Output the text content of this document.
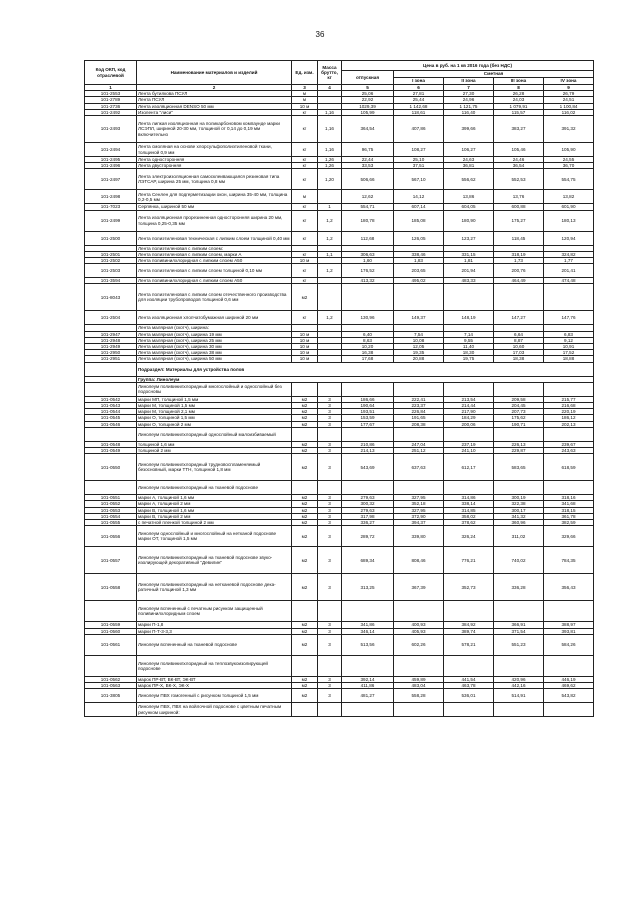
36
Код ОКП, код отраслевой	Наименование материалов и изделий	Ед. изм.	Масса брутто, кг	Цена в руб. на 1 кв 2016 года (без НДС)				
				отпускная	Сметная			
					I зона	II зона	III зона	IV зона
1	2	3	4	5	6	7	8	9
101-2553	Лента бутилкова ПСУЛ	м		25,06	27,81	27,30	26,28	26,79
101-2789	Лента ПСУЛ	м		22,92	25,44	24,96	24,03	24,51
101-2736	Лента изоляционная DENSO 50 мм	10 м		1029,39	1 142,68	1 121,75	1 079,91	1 100,84
101-2492	Изолента "лиси"	кг	1,16	105,99	118,61	116,40	115,57	116,02
101-2493	Лента липкая изоляционная на поликарбоновом компаунде марки ЛСЭПЛ, шириной 20-30 мм, толщиной от 0,14 до 0,19 мм включительно	кг	1,16	364,54	407,86	399,66	383,27	391,32
101-2494	Лента смоляная на основе хлорсульфополиэтиленовой ткани, толщиной 0,9 мм	кг	1,16	96,75	108,27	106,27	105,46	105,90
101-2495	Лента односторонняя	кг	1,26	22,44	25,10	24,63	24,46	24,55
101-2496	Лента двусторонняя	кг	1,26	33,53	37,51	36,81	36,54	36,70
101-2497	Лента электроизоляционная самосклеивающаяся резиновая типа ЛЭТСАР, ширина 25 мм, толщина 0,8 мм	кг	1,20	506,66	567,10	556,62	552,53	554,75
101-2498	Лента Сенлен для подгерметизации окон, ширина 35-40 мм, толщина 0,2-0,5 мм	м		12,62	14,12	13,86	13,76	13,82
101-7023	Серпянка, шириной 50 мм	кг	1	554,71	607,14	604,05	600,88	601,90
101-2499	Лента изоляционная прорезиненная односторонняя ширина 20 мм, толщина 0,25-0,35 мм	кг	1,2	180,78	185,08	180,90	175,27	180,13
101-2500	Лента полиэтиленовая техническая с липким слоем толщиной 0,40 мм	кг	1,2	112,68	126,05	123,27	118,45	120,94
	Лента полиэтиленовая с липким слоем:							
101-2501	Лента полиэтиленовая с липким слоем, марки А	кг	1,1	306,63	338,46	331,15	318,19	324,82
101-2502	Лента поливинилхлоридная с липким слоем А50	10 м		1,60	1,83	1,81	1,73	1,77
101-2503	Лента полиэтиленовая с липким слоем толщиной 0,10 мм	кг	1,2	176,52	203,65	201,94	200,76	201,41
101-3594	Лента поливинилхлоридная с липким слоем А50	кг		413,32	495,02	483,33	464,49	474,48
101-8043	Лента полиэтиленовая с липким слоем отечественного производства для изоляции трубопроводов толщиной 0,6 мм	м2						
101-2504	Лента изоляционная хлопчатобумажная шириной 20 мм	кг	1,2	130,96	149,37	148,19	147,27	147,76
	Лента малярная (скотч), ширина:							
101-2947	Лента малярная (скотч), ширина 19 мм	10 м		6,40	7,54	7,14	6,64	6,83
101-2948	Лента малярная (скотч), ширина 25 мм	10 м		8,63	10,08	9,55	8,87	9,12
101-2949	Лента малярная (скотч), ширина 30 мм	10 м		10,20	12,05	11,40	10,60	10,91
101-2950	Лента малярная (скотч), ширина 38 мм	10 м		16,38	19,35	18,30	17,03	17,52
101-2951	Лента малярная (скотч), ширина 50 мм	10 м		17,68	20,88	19,75	18,38	18,88
	Подраздел: Материалы для устройства полов							
	Группа: Линолеум							
	Линолеум поливинилхлоридный многослойный и однослойный без подосновы							
101-0542	марки МП, толщиной 1,5 мм	м2	3	186,66	222,41	213,54	209,58	215,77
101-0543	марки М, толщиной 1,5 мм	м2	3	190,64	223,37	214,44	204,45	216,68
101-0544	марки М, толщиной 2,1 мм	м2	3	193,51	226,84	217,90	207,73	220,19
101-0545	марки О, толщиной 1,5 мм	м2	3	153,59	191,65	184,29	175,62	186,12
101-0546	марки О, толщиной 2 мм	м2	3	177,67	208,38	200,06	190,71	202,13
	Линолеум поливинилхлоридный однослойный малоизбиваемый							
101-0548	толщиной 1,6 мм	м2	3	210,86	247,04	237,19	226,13	239,67
101-0549	толщиной 2 мм	м2	3	214,13	251,12	241,10	229,87	243,63
101-0550	Линолеум поливинилхлоридный трудновоспламеняемый безосновный, марки ТТН, толщиной 1,8 мм	м2	3	543,69	637,63	612,17	583,65	618,59
	Линолеум поливинилхлоридный на тканевой подоснове							
101-0551	марки А, толщиной 1,6 мм	м2	3	279,63	327,95	314,86	300,19	318,16
101-0552	марки А, толщиной 2 мм	м2	3	300,32	352,18	338,14	322,38	341,68
101-0553	марки В, толщиной 1,6 мм	м2	3	279,63	327,95	314,85	300,17	318,15
101-0554	марки В, толщиной 2 мм	м2	3	317,98	372,90	358,02	341,32	361,78
101-0555	с печатной пленкой толщиной 2 мм	м2	3	336,27	394,37	378,62	360,96	382,59
101-0556	Линолеум однослойный и многослойный на нетканой подоснове марки ОТ, толщиной 1,5 мм	м2	3	289,72	339,80	326,24	311,02	329,66
101-0557	Линолеум поливинилхлоридный на тканевой подоснове звуко-изолирующей декоративный "Девилин"	м2	3	689,34	808,46	776,21	740,02	784,35
101-0558	Линолеум поливинилхлоридный на нетканевой подоснове дека-ратичный толщиной 1,3 мм	м2	3	313,25	367,39	352,73	336,28	356,43
	Линолеум вспененный с печатным рисунком защищенный поливинилхлоридным слоем							
101-0559	марки П-1,8	м2	3	341,86	400,93	384,92	366,91	388,97
101-0560	марки П-Т-3-3,3	м2	3	346,14	405,93	389,74	371,54	393,81
101-0561	Линолеум вспененный на тканевой подоснове	м2	3	513,56	602,26	578,21	551,23	584,26
	Линолеум поливинилхлоридный на теплозвукоизолирующей подоснове							
101-0562	марок ПР-ВТ, ВК-ВТ, ЭК-ВТ	м2	3	392,14	459,89	441,54	420,96	446,19
101-0563	марок ПР-Х, ВК-Х, ЭК-Х	м2	3	411,86	483,04	463,78	442,16	469,62
101-3805	Линолеум ПВХ гомогенный с рисунком толщиной 1,5 мм	м2	3	481,27	558,28	536,01	514,91	543,82
	Линолеум ПВХ, ПВХ на войлочной подоснове с цветным печатным рисунком шириной:							
